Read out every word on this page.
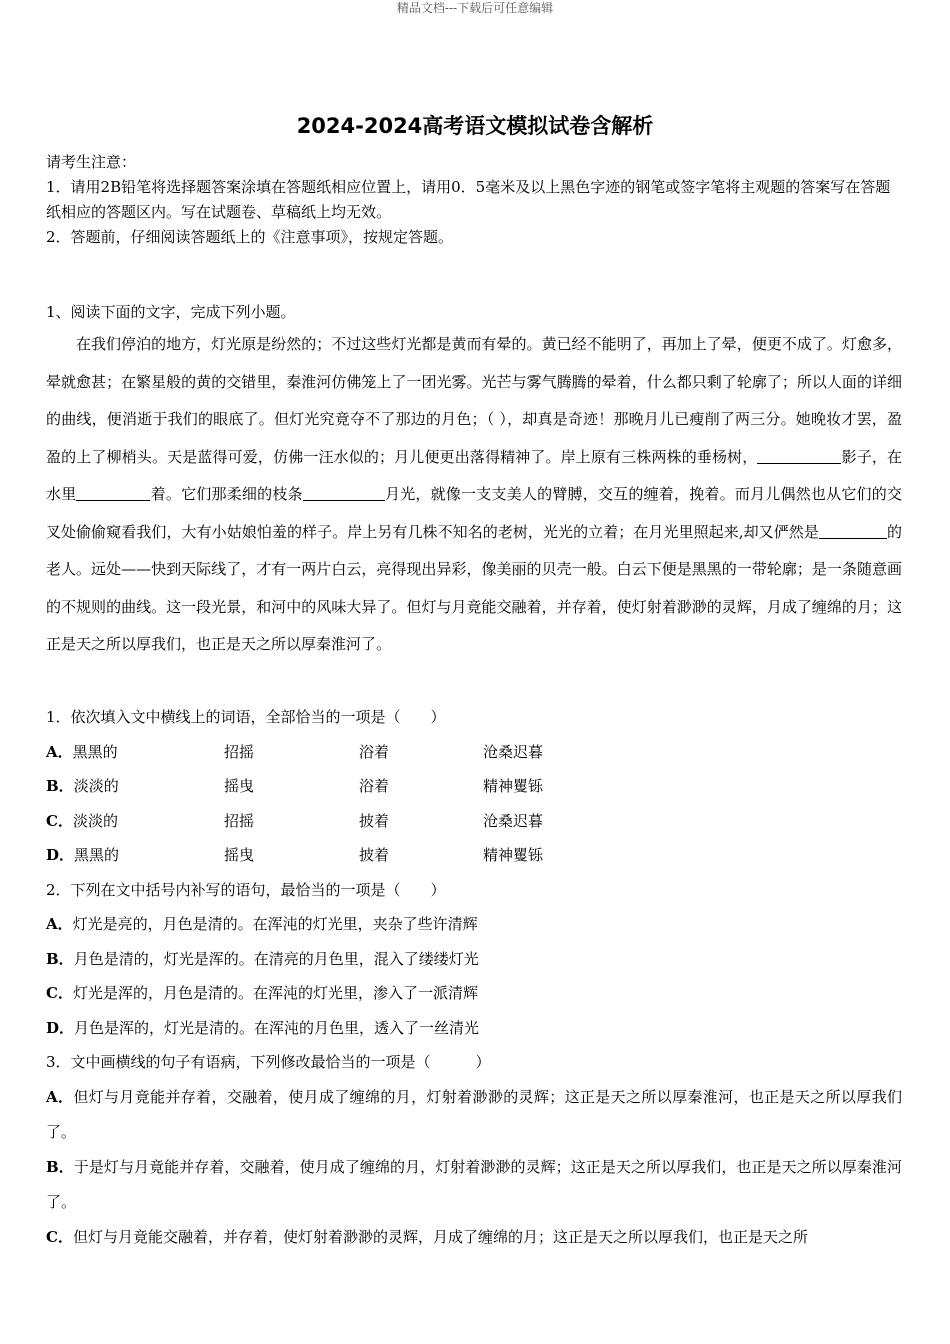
精品文档---下载后可任意编辑
2024-2024高考语文模拟试卷含解析

请考生注意：

1．请用2B铅笔将选择题答案涂填在答题纸相应位置上，请用0．5毫米及以上黑色字迹的钢笔或签字笔将主观题的答案写在答题纸相应的答题区内。写在试题卷、草稿纸上均无效。

2．答题前，仔细阅读答题纸上的《注意事项》，按规定答题。

1、阅读下面的文字，完成下列小题。

在我们停泊的地方，灯光原是纷然的；不过这些灯光都是黄而有晕的。黄已经不能明了，再加上了晕，便更不成了。灯愈多，晕就愈甚；在繁星般的黄的交错里，秦淮河仿佛笼上了一团光雾。光芒与雾气腾腾的晕着，什么都只剩了轮廓了；所以人面的详细的曲线，便消逝于我们的眼底了。但灯光究竟夺不了那边的月色；（ ），却真是奇迹！那晚月儿已瘦削了两三分。她晚妆才罢，盈盈的上了柳梢头。天是蓝得可爱，仿佛一汪水似的；月儿便更出落得精神了。岸上原有三株两株的垂杨树，	影子，在水里	着。它们那柔细的枝条	月光，就像一支支美人的臂膊，交互的缠着，挽着。而月儿偶然也从它们的交叉处偷偷窥看我们，大有小姑娘怕羞的样子。岸上另有几株不知名的老树，光光的立着；在月光里照起来,却又俨然是	的老人。远处——快到天际线了，才有一两片白云，亮得现出异彩，像美丽的贝壳一般。白云下便是黑黑的一带轮廓；是一条随意画的不规则的曲线。这一段光景，和河中的风味大异了。但灯与月竟能交融着，并存着，使灯射着渺渺的灵辉，月成了缠绵的月；这正是天之所以厚我们，也正是天之所以厚秦淮河了。

1．依次填入文中横线上的词语，全部恰当的一项是（　　）

A．黑黑的	招摇	浴着	沧桑迟暮
B．淡淡的	摇曳	浴着	精神矍铄
C．淡淡的	招摇	披着	沧桑迟暮
D．黑黑的	摇曳	披着	精神矍铄

2．下列在文中括号内补写的语句，最恰当的一项是（　　）

A．灯光是亮的，月色是清的。在浑沌的灯光里，夹杂了些许清辉

B．月色是清的，灯光是浑的。在清亮的月色里，混入了缕缕灯光

C．灯光是浑的，月色是清的。在浑沌的灯光里，渗入了一派清辉

D．月色是浑的，灯光是清的。在浑沌的月色里，透入了一丝清光

3．文中画横线的句子有语病，下列修改最恰当的一项是（　　　）

A．但灯与月竟能并存着，交融着，使月成了缠绵的月，灯射着渺渺的灵辉；这正是天之所以厚秦淮河，也正是天之所以厚我们了。

B．于是灯与月竟能并存着，交融着，使月成了缠绵的月，灯射着渺渺的灵辉；这正是天之所以厚我们，也正是天之所以厚秦淮河了。

C．但灯与月竟能交融着，并存着，使灯射着渺渺的灵辉，月成了缠绵的月；这正是天之所以厚我们，也正是天之所
